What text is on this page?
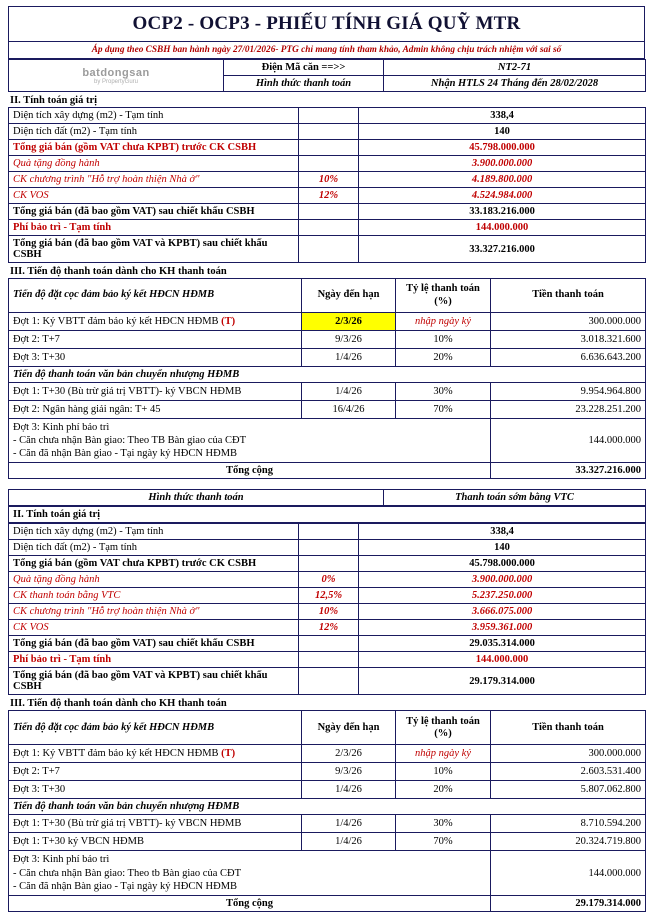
OCP2 - OCP3 - PHIẾU TÍNH GIÁ QUỸ MTR
Áp dụng theo CSBH ban hành ngày 27/01/2026- PTG chỉ mang tính tham khảo, Admin không chịu trách nhiệm với sai số
batdongsan
by PropertyGuru	Điện Mã căn ==>>	NT2-71
	Hình thức thanh toán	Nhận HTLS 24 Tháng đến 28/02/2028
II. Tính toán giá trị
Diện tích xây dựng (m2) - Tạm tính		338,4
Diện tích đất (m2) - Tạm tính		140
Tổng giá bán (gồm VAT chưa KPBT) trước CK CSBH		45.798.000.000
Quà tặng đồng hành		3.900.000.000
CK chương trình "Hỗ trợ hoàn thiện Nhà ở"	10%	4.189.800.000
CK VOS	12%	4.524.984.000
Tổng giá bán (đã bao gồm VAT) sau chiết khấu CSBH		33.183.216.000
Phí bảo trì - Tạm tính		144.000.000
Tổng giá bán (đã bao gồm VAT và KPBT) sau chiết khấu CSBH		33.327.216.000
III. Tiến độ thanh toán dành cho KH thanh toán
Tiến độ đặt cọc đảm bảo ký kết HĐCN HĐMB	Ngày đến hạn	Tỷ lệ thanh toán (%)	Tiền thanh toán
Đợt 1: Ký VBTT đảm bảo ký kết HĐCN HĐMB (T)	2/3/26	nhập ngày ký	300.000.000
Đợt 2: T+7	9/3/26	10%	3.018.321.600
Đợt 3: T+30	1/4/26	20%	6.636.643.200
Tiến độ thanh toán văn bản chuyển nhượng HĐMB			
Đợt 1: T+30 (Bù trừ giá trị VBTT)- ký VBCN HĐMB	1/4/26	30%	9.954.964.800
Đợt 2: Ngân hàng giải ngân: T+ 45	16/4/26	70%	23.228.251.200

Đợt 3: Kinh phí bảo trì
- Căn chưa nhận Bàn giao: Theo TB Bàn giao của CĐT
- Căn đã nhận Bàn giao - Tại ngày ký HĐCN HĐMB			144.000.000
Tổng cộng			33.327.216.000
Hình thức thanh toán	Thanh toán sớm bằng VTC
II. Tính toán giá trị
Diện tích xây dựng (m2) - Tạm tính		338,4
Diện tích đất (m2) - Tạm tính		140
Tổng giá bán (gồm VAT chưa KPBT) trước CK CSBH		45.798.000.000
Quà tặng đồng hành	0%	3.900.000.000
CK thanh toán bằng VTC	12,5%	5.237.250.000
CK chương trình "Hỗ trợ hoàn thiện Nhà ở"	10%	3.666.075.000
CK VOS	12%	3.959.361.000
Tổng giá bán (đã bao gồm VAT) sau chiết khấu CSBH		29.035.314.000
Phí bảo trì - Tạm tính		144.000.000
Tổng giá bán (đã bao gồm VAT và KPBT) sau chiết khấu CSBH		29.179.314.000
III. Tiến độ thanh toán dành cho KH thanh toán
Tiến độ đặt cọc đảm bảo ký kết HĐCN HĐMB	Ngày đến hạn	Tỷ lệ thanh toán (%)	Tiền thanh toán
Đợt 1: Ký VBTT đảm bảo ký kết HĐCN HĐMB (T)	2/3/26	nhập ngày ký	300.000.000
Đợt 2: T+7	9/3/26	10%	2.603.531.400
Đợt 3: T+30	1/4/26	20%	5.807.062.800
Tiến độ thanh toán văn bản chuyển nhượng HĐMB			
Đợt 1: T+30 (Bù trừ giá trị VBTT)- ký VBCN HĐMB	1/4/26	30%	8.710.594.200
Đợt 1: T+30 ký VBCN HĐMB	1/4/26	70%	20.324.719.800

Đợt 3: Kinh phí bảo trì
- Căn chưa nhận Bàn giao: Theo tb Bàn giao của CĐT
- Căn đã nhận Bàn giao - Tại ngày ký HĐCN HĐMB			144.000.000
Tổng cộng			29.179.314.000
